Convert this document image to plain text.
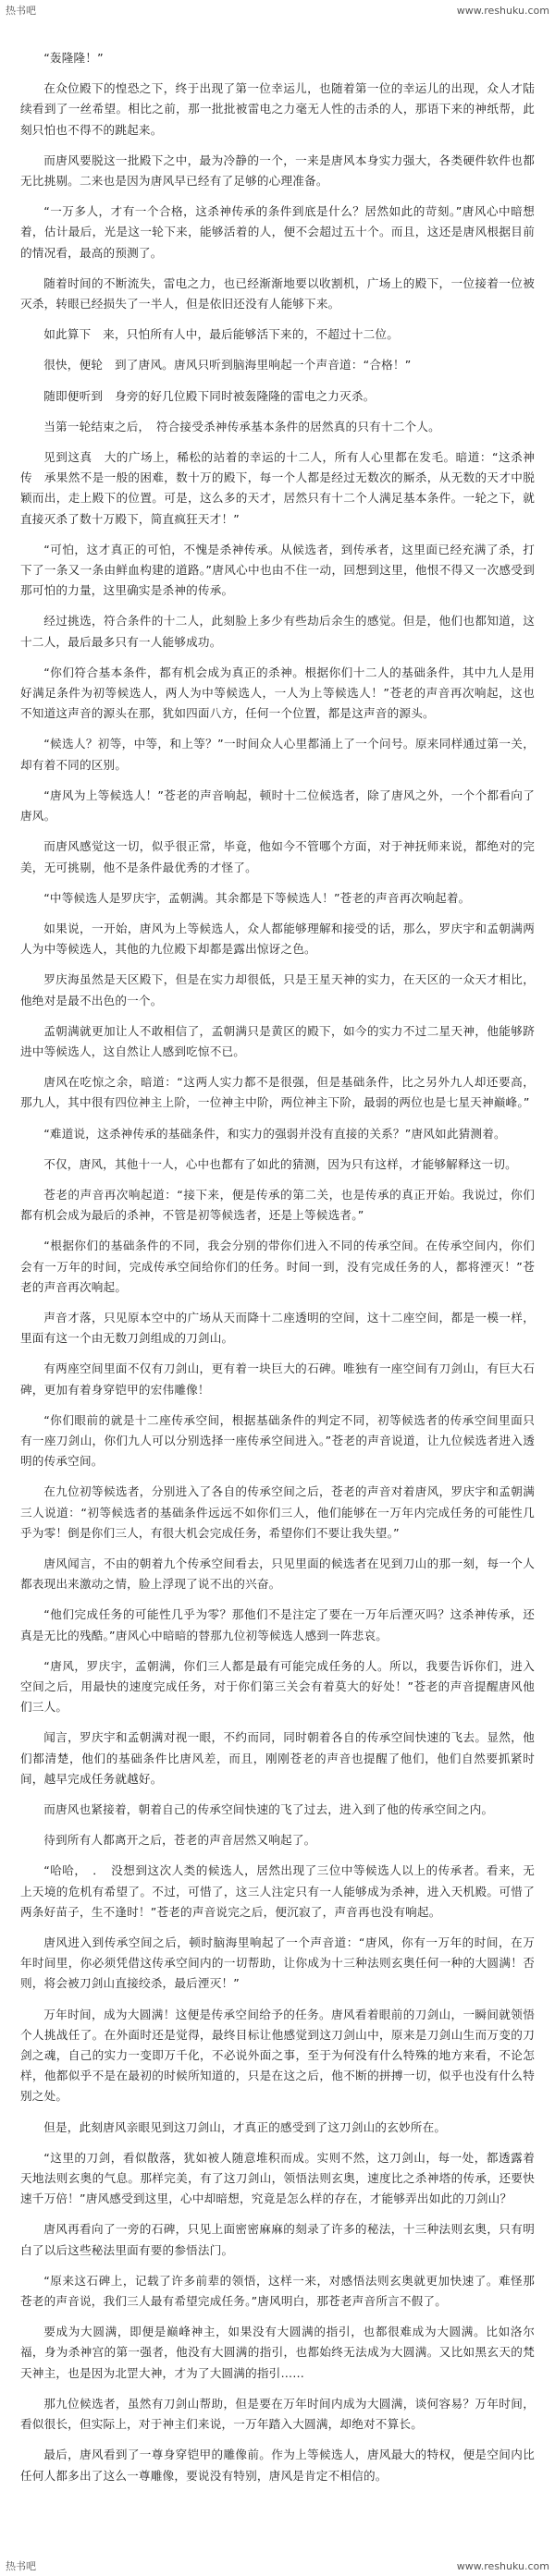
热书吧	www.reshuku.com

“轰隆隆！”

在众位殿下的惶恐之下，终于出现了第一位幸运儿，也随着第一位的幸运儿的出现，众人才陆续看到了一丝希望。相比之前，那一批批被雷电之力毫无人性的击杀的人，那语下来的神纸帮，此刻只怕也不得不的跳起来。

而唐风要脱这一批殿下之中，最为冷静的一个，一来是唐风本身实力强大，各类硬件软件也都无比挑剔。二来也是因为唐风早已经有了足够的心理准备。

“一万多人，才有一个合格，这杀神传承的条件到底是什么？居然如此的苛刻。”唐风心中暗想着，估计最后，光是这一轮下来，能够活着的人，便不会超过五十个。而且，这还是唐风根据目前的情况看，最高的预测了。

随着时间的不断流失，雷电之力，也已经渐渐地要以收割机，广场上的殿下，一位接着一位被灭杀，转眼已经损失了一半人，但是依旧还没有人能够下来。

如此算下　来，只怕所有人中，最后能够活下来的，不超过十二位。

很快，便轮　到了唐风。唐风只听到脑海里响起一个声音道：“合格！”

随即便听到　身旁的好几位殿下同时被轰隆隆的雷电之力灭杀。

当第一轮结束之后，　符合接受杀神传承基本条件的居然真的只有十二个人。

见到这真　大的广场上，稀松的站着的幸运的十二人，所有人心里都在发毛。暗道：“这杀神传　承果然不是一般的困难，数十万的殿下，每一个人都是经过无数次的厮杀，从无数的天才中脱颖而出，走上殿下的位置。可是，这么多的天才，居然只有十二个人满足基本条件。一轮之下，就直接灭杀了数十万殿下，简直疯狂天才！”

“可怕，这才真正的可怕，不愧是杀神传承。从候选者，到传承者，这里面已经充满了杀，打下了一条又一条由鲜血构建的道路。”唐风心中也由不住一动，回想到这里，他恨不得又一次感受到那可怕的力量，这里确实是杀神的传承。

经过挑选，符合条件的十二人，此刻脸上多少有些劫后余生的感觉。但是，他们也都知道，这十二人，最后最多只有一人能够成功。

“你们符合基本条件，都有机会成为真正的杀神。根据你们十二人的基础条件，其中九人是用好满足条件为初等候选人，两人为中等候选人，一人为上等候选人！”苍老的声音再次响起，这也不知道这声音的源头在那，犹如四面八方，任何一个位置，都是这声音的源头。

“候选人？初等，中等，和上等？”一时间众人心里都涌上了一个问号。原来同样通过第一关，却有着不同的区别。

“唐风为上等候选人！”苍老的声音响起，顿时十二位候选者，除了唐风之外，一个个都看向了唐风。

而唐风感觉这一切，似乎很正常，毕竟，他如今不管哪个方面，对于神抚师来说，都绝对的完美，无可挑剔，他不是条件最优秀的才怪了。

“中等候选人是罗庆宇，孟朝满。其余都是下等候选人！”苍老的声音再次响起着。

如果说，一开始，唐风为上等候选人，众人都能够理解和接受的话，那么，罗庆宇和孟朝满两人为中等候选人，其他的九位殿下却都是露出惊讶之色。

罗庆海虽然是天区殿下，但是在实力却很低，只是王星天神的实力，在天区的一众天才相比，他绝对是最不出色的一个。

孟朝满就更加让人不敢相信了，孟朝满只是黄区的殿下，如今的实力不过二星天神，他能够跻进中等候选人，这自然让人感到吃惊不已。

唐风在吃惊之余，暗道：“这两人实力都不是很强，但是基础条件，比之另外九人却还要高，那九人，其中很有四位神主上阶，一位神主中阶，两位神主下阶，最弱的两位也是七星天神巅峰。”

“难道说，这杀神传承的基础条件，和实力的强弱并没有直接的关系？”唐风如此猜测着。

不仅，唐风，其他十一人，心中也都有了如此的猜测，因为只有这样，才能够解释这一切。

苍老的声音再次响起道：“接下来，便是传承的第二关，也是传承的真正开始。我说过，你们都有机会成为最后的杀神，不管是初等候选者，还是上等候选者。”

“根据你们的基础条件的不同，我会分别的带你们进入不同的传承空间。在传承空间内，你们会有一万年的时间，完成传承空间给你们的任务。时间一到，没有完成任务的人，都将湮灭！”苍老的声音再次响起。

声音才落，只见原本空中的广场从天而降十二座透明的空间，这十二座空间，都是一模一样，里面有这一个由无数刀剑组成的刀剑山。

有两座空间里面不仅有刀剑山，更有着一块巨大的石碑。唯独有一座空间有刀剑山，有巨大石碑，更加有着身穿铠甲的宏伟雕像！

“你们眼前的就是十二座传承空间，根据基础条件的判定不同，初等候选者的传承空间里面只有一座刀剑山，你们九人可以分别选择一座传承空间进入。”苍老的声音说道，让九位候选者进入透明的传承空间。

在九位初等候选者，分别进入了各自的传承空间之后，苍老的声音对着唐风，罗庆宇和孟朝满三人说道：“初等候选者的基础条件远远不如你们三人，他们能够在一万年内完成任务的可能性几乎为零！倒是你们三人，有很大机会完成任务，希望你们不要让我失望。”

唐风闻言，不由的朝着九个传承空间看去，只见里面的候选者在见到刀山的那一刻，每一个人都表现出来激动之情，脸上浮现了说不出的兴奋。

“他们完成任务的可能性几乎为零？那他们不是注定了要在一万年后湮灭吗？这杀神传承，还真是无比的残酷。”唐风心中暗暗的替那九位初等候选人感到一阵悲哀。

“唐风，罗庆宇，孟朝满，你们三人都是最有可能完成任务的人。所以，我要告诉你们，进入空间之后，用最快的速度完成任务，对于你们第三关会有着莫大的好处！”苍老的声音提醒唐风他们三人。

闻言，罗庆宇和孟朝满对视一眼，不约而同，同时朝着各自的传承空间快速的飞去。显然，他们都清楚，他们的基础条件比唐风差，而且，刚刚苍老的声音也提醒了他们，他们自然要抓紧时间，越早完成任务就越好。

而唐风也紧接着，朝着自己的传承空间快速的飞了过去，进入到了他的传承空间之内。

待到所有人都离开之后，苍老的声音居然又响起了。

“哈哈，　．　没想到这次人类的候选人，居然出现了三位中等候选人以上的传承者。看来，无上天境的危机有希望了。不过，可惜了，这三人注定只有一人能够成为杀神，进入天机殿。可惜了两条好苗子，生不逢时！”苍老的声音说完之后，便沉寂了，声音再也没有响起。

唐风进入到传承空间之后，顿时脑海里响起了一个声音道：“唐风，你有一万年的时间，在万年时间里，你必须凭借这传承空间内的一切帮助，让你成为十三种法则玄奥任何一种的大圆满！否则，将会被刀剑山直接绞杀，最后湮灭！”

万年时间，成为大圆满！这便是传承空间给予的任务。唐风看着眼前的刀剑山，一瞬间就领悟个人挑战任了。在外面时还是觉得，最终目标让他感觉到这刀剑山中，原来是刀剑山生而万变的刀剑之魂，自己的实力一变即万千化，不必说外面之事，至于为何没有什么特殊的地方来看，不论怎样，他都似乎不是在最初的时候所知道的，只是在这之后，他不断的拼搏一切，似乎也没有什么特别之处。

但是，此刻唐风亲眼见到这刀剑山，才真正的感受到了这刀剑山的玄妙所在。

“这里的刀剑，看似散落，犹如被人随意堆积而成。实则不然，这刀剑山，每一处，都透露着天地法则玄奥的气息。那样完美，有了这刀剑山，领悟法则玄奥，速度比之杀神塔的传承，还要快速千万倍！”唐风感受到这里，心中却暗想，究竟是怎么样的存在，才能够弄出如此的刀剑山？

唐风再看向了一旁的石碑，只见上面密密麻麻的刻录了许多的秘法，十三种法则玄奥，只有明白了以后这些秘法里面有要的参悟法门。

“原来这石碑上，记载了许多前辈的领悟，这样一来，对感悟法则玄奥就更加快速了。难怪那苍老的声音说，我们三人最有希望完成任务。”唐风明白，那苍老声音所言不假了。

要成为大圆满，即便是巅峰神主，如果没有大圆满的指引，也都很难成为大圆满。比如洛尔福，身为杀神宫的第一强者，他没有大圆满的指引，也都始终无法成为大圆满。又比如黑玄天的梵天神主，也是因为北罡大神，才为了大圆满的指引……

那九位候选者，虽然有刀剑山帮助，但是要在万年时间内成为大圆满，谈何容易？万年时间，看似很长，但实际上，对于神主们来说，一万年踏入大圆满，却绝对不算长。

最后，唐风看到了一尊身穿铠甲的雕像前。作为上等候选人，唐风最大的特权，便是空间内比任何人都多出了这么一尊雕像，要说没有特别，唐风是肯定不相信的。

热书吧	www.reshuku.com
